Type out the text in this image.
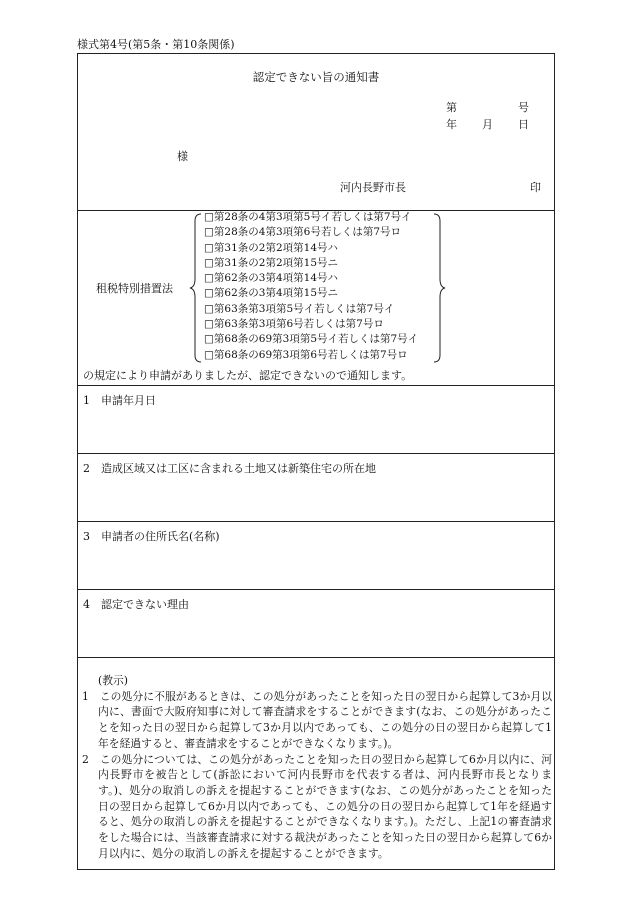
様式第4号(第5条・第10条関係)
認定できない旨の通知書
第	号
年 月 日
様
河内長野市長	印
租税特別措置法
□第28条の4第3項第5号イ若しくは第7号イ
□第28条の4第3項第6号若しくは第7号ロ
□第31条の2第2項第14号ハ
□第31条の2第2項第15号ニ
□第62条の3第4項第14号ハ
□第62条の3第4項第15号ニ
□第63条第3項第5号イ若しくは第7号イ
□第63条第3項第6号若しくは第7号ロ
□第68条の69第3項第5号イ若しくは第7号イ
□第68条の69第3項第6号若しくは第7号ロ
の規定により申請がありましたが、認定できないので通知します。
1　申請年月日
2　造成区域又は工区に含まれる土地又は新築住宅の所在地
3　申請者の住所氏名(名称)
4　認定できない理由

(教示)

1　この処分に不服があるときは、この処分があったことを知った日の翌日から起算して3か月以内に、書面で大阪府知事に対して審査請求をすることができます(なお、この処分があったことを知った日の翌日から起算して3か月以内であっても、この処分の日の翌日から起算して1年を経過すると、審査請求をすることができなくなります。)。

2　この処分については、この処分があったことを知った日の翌日から起算して6か月以内に、河内長野市を被告として(訴訟において河内長野市を代表する者は、河内長野市長となります。)、処分の取消しの訴えを提起することができます(なお、この処分があったことを知った日の翌日から起算して6か月以内であっても、この処分の日の翌日から起算して1年を経過すると、処分の取消しの訴えを提起することができなくなります。)。ただし、上記1の審査請求をした場合には、当該審査請求に対する裁決があったことを知った日の翌日から起算して6か月以内に、処分の取消しの訴えを提起することができます。
